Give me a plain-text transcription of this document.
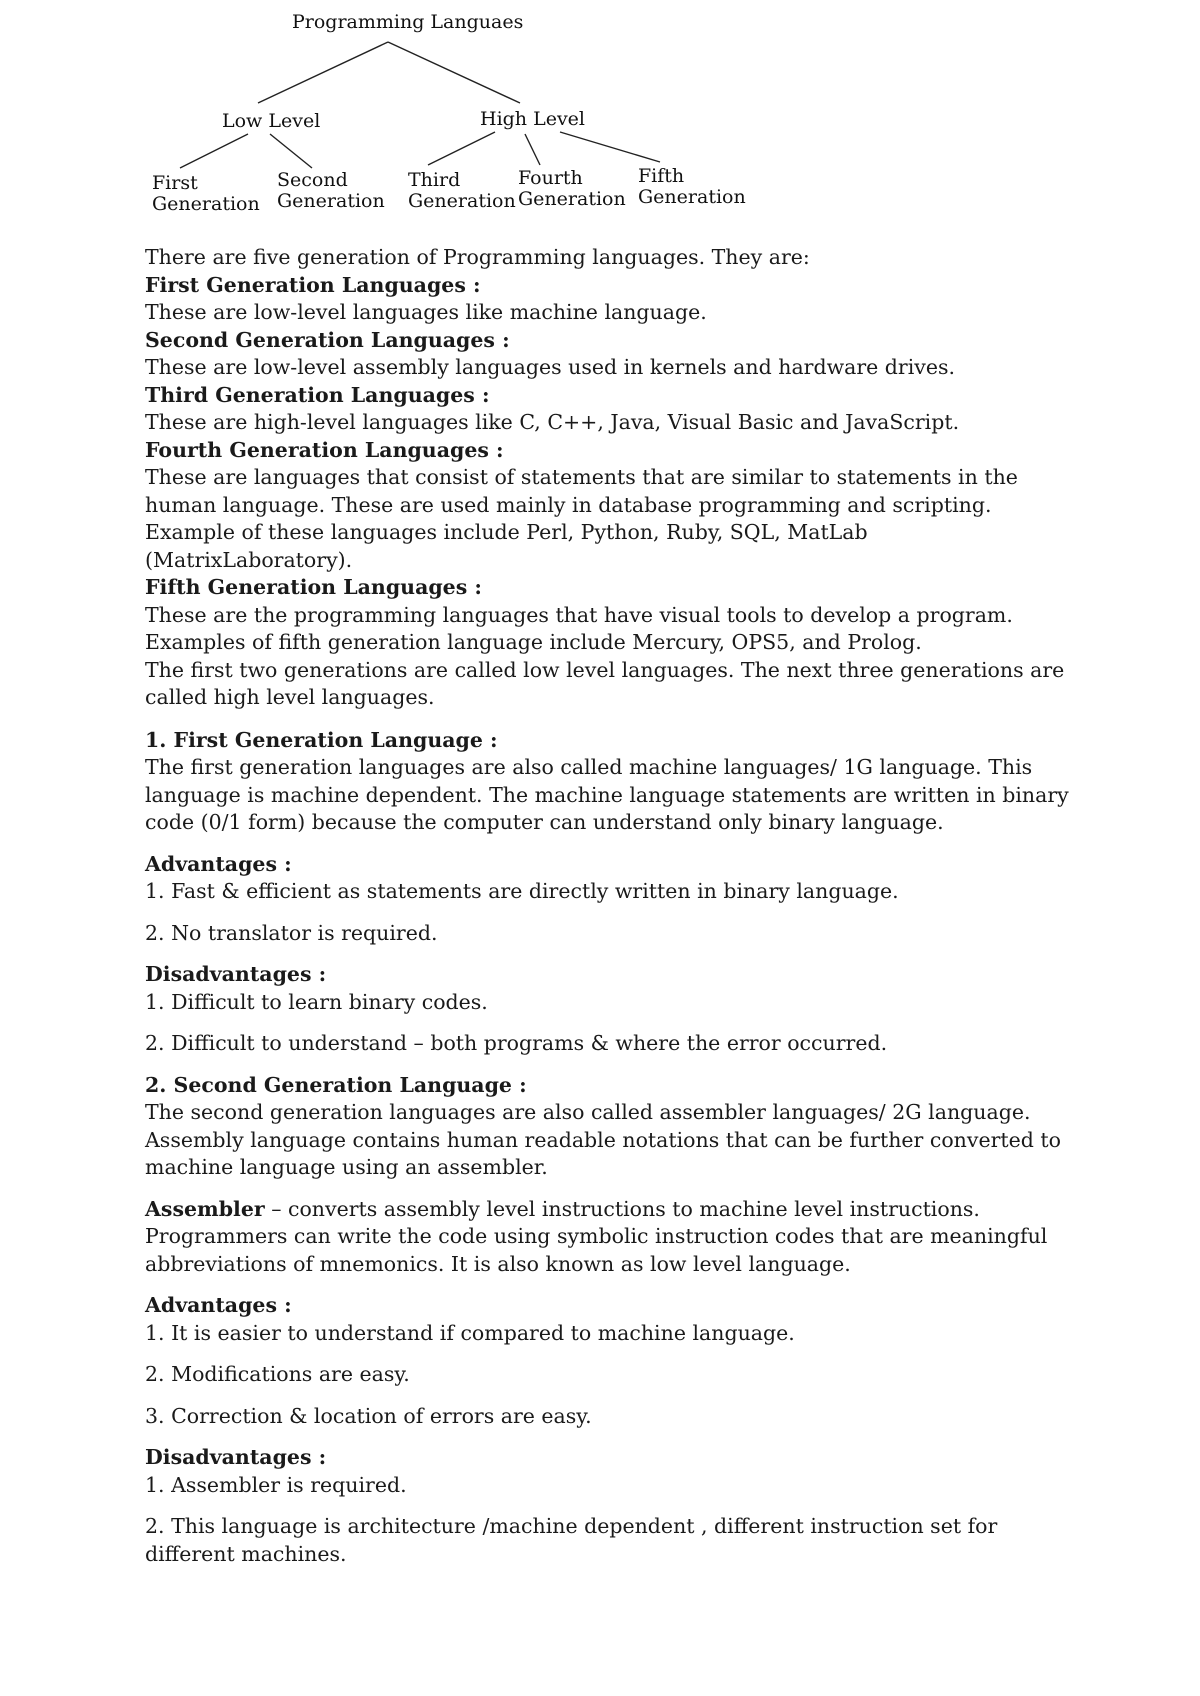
Programming Languaes
Low Level	High Level
First
Generation
Second
Generation
Third
Generation
Fourth
Generation
Fifth
Generation

There are five generation of Programming languages. They are:

First Generation Languages :

These are low-level languages like machine language.

Second Generation Languages :

These are low-level assembly languages used in kernels and hardware drives.

Third Generation Languages :

These are high-level languages like C, C++, Java, Visual Basic and JavaScript.

Fourth Generation Languages :

These are languages that consist of statements that are similar to statements in the human language. These are used mainly in database programming and scripting. Example of these languages include Perl, Python, Ruby, SQL, MatLab (MatrixLaboratory).

Fifth Generation Languages :

These are the programming languages that have visual tools to develop a program. Examples of fifth generation language include Mercury, OPS5, and Prolog.

The first two generations are called low level languages. The next three generations are called high level languages.

1. First Generation Language :

The first generation languages are also called machine languages/ 1G language. This language is machine dependent. The machine language statements are written in binary code (0/1 form) because the computer can understand only binary language.

Advantages :

1. Fast & efficient as statements are directly written in binary language.

2. No translator is required.

Disadvantages :

1. Difficult to learn binary codes.

2. Difficult to understand – both programs & where the error occurred.

2. Second Generation Language :

The second generation languages are also called assembler languages/ 2G language. Assembly language contains human readable notations that can be further converted to machine language using an assembler.

Assembler – converts assembly level instructions to machine level instructions. Programmers can write the code using symbolic instruction codes that are meaningful abbreviations of mnemonics. It is also known as low level language.

Advantages :

1. It is easier to understand if compared to machine language.

2. Modifications are easy.

3. Correction & location of errors are easy.

Disadvantages :

1. Assembler is required.

2. This language is architecture /machine dependent , different instruction set for different machines.
